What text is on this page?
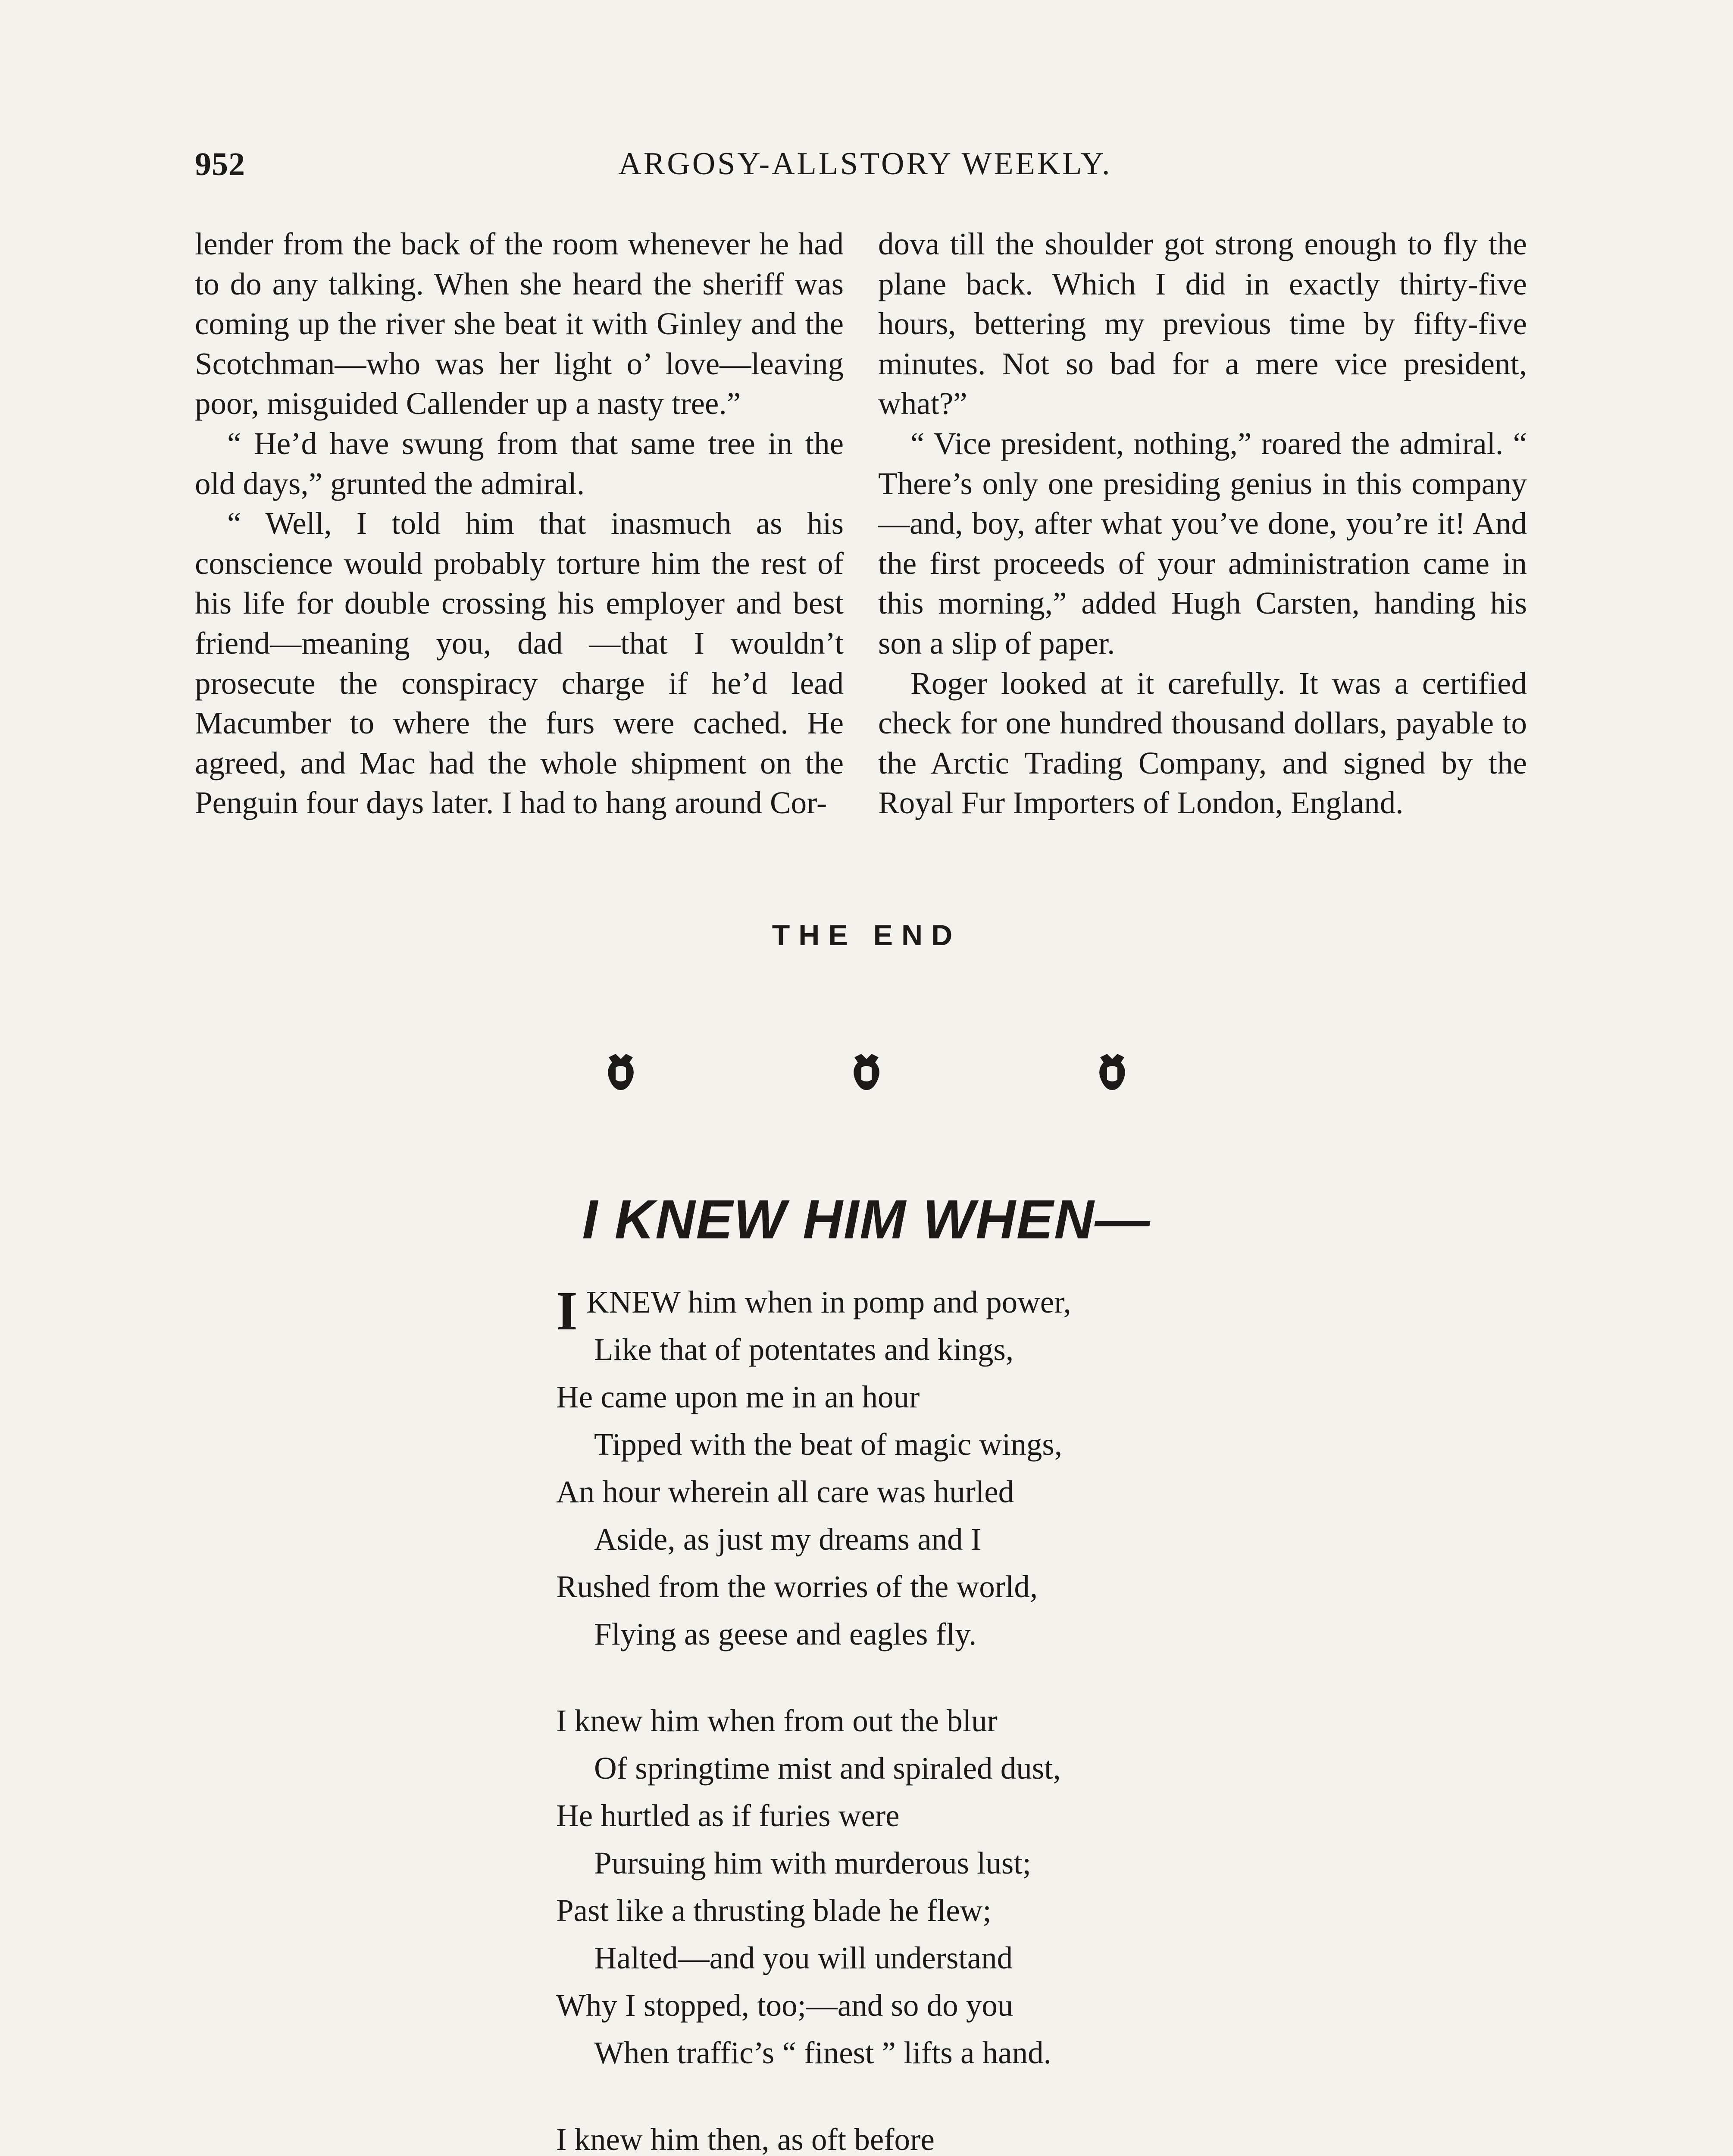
952	ARGOSY-ALLSTORY WEEKLY.

lender from the back of the room whenever he had to do any talking. When she heard the sheriff was coming up the river she beat it with Ginley and the Scotchman—who was her light o’ love—leaving poor, misguided Callender up a nasty tree.”

“ He’d have swung from that same tree in the old days,” grunted the admiral.

“ Well, I told him that inasmuch as his conscience would probably torture him the rest of his life for double crossing his employer and best friend—meaning you, dad —that I wouldn’t prosecute the conspiracy charge if he’d lead Macumber to where the furs were cached. He agreed, and Mac had the whole shipment on the Penguin four days later. I had to hang around Cor-

dova till the shoulder got strong enough to fly the plane back. Which I did in exactly thirty-five hours, bettering my previous time by fifty-five minutes. Not so bad for a mere vice president, what?”

“ Vice president, nothing,” roared the admiral. “ There’s only one presiding genius in this company—and, boy, after what you’ve done, you’re it! And the first proceeds of your administration came in this morning,” added Hugh Carsten, handing his son a slip of paper.

Roger looked at it carefully. It was a certified check for one hundred thousand dollars, payable to the Arctic Trading Company, and signed by the Royal Fur Importers of London, England.

THE END
I KNEW HIM WHEN—
IKNEW him when in pomp and power,
Like that of potentates and kings,
He came upon me in an hour
Tipped with the beat of magic wings,
An hour wherein all care was hurled
Aside, as just my dreams and I
Rushed from the worries of the world,
Flying as geese and eagles fly.
I knew him when from out the blur
Of springtime mist and spiraled dust,
He hurtled as if furies were
Pursuing him with murderous lust;
Past like a thrusting blade he flew;
Halted—and you will understand
Why I stopped, too;—and so do you
When traffic’s “ finest ” lifts a hand.
I knew him then, as oft before
